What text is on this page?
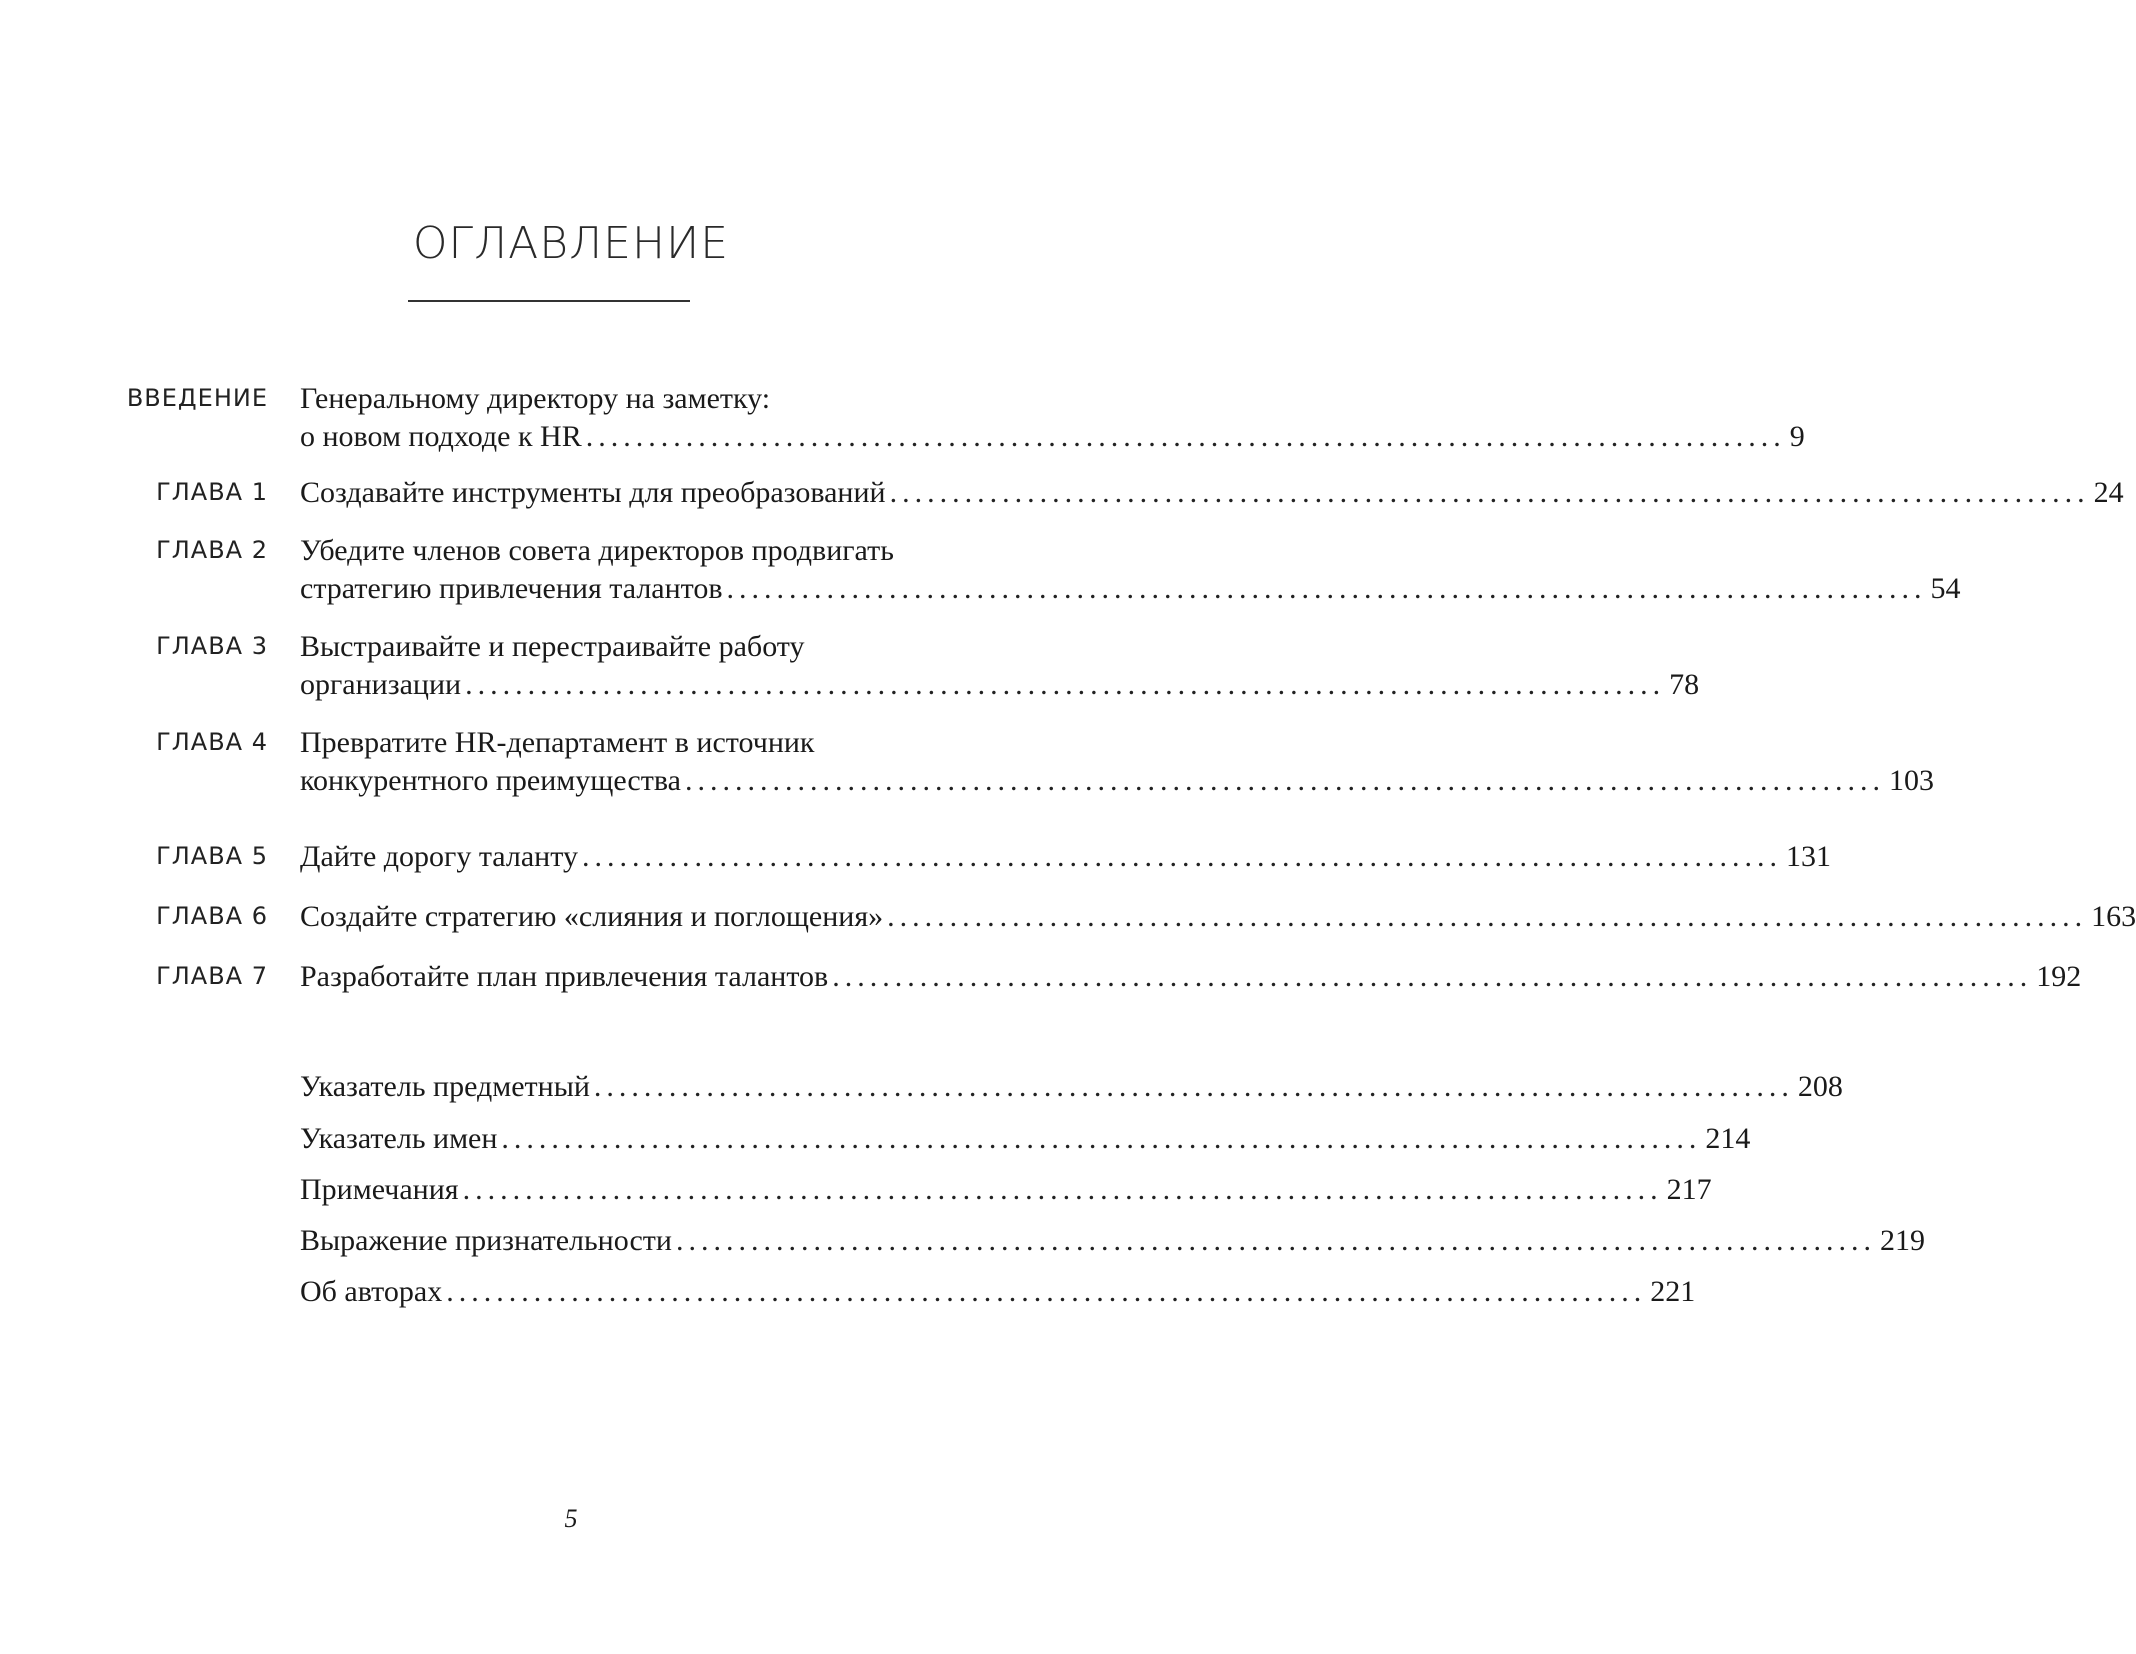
ОГЛАВЛЕНИЕ
ВВЕДЕНИЕ Генеральному директору на заметку:
о новом подходе к HR ................................................................................................ 9
ГЛАВА 1 Создавайте инструменты для преобразований ................................................................................................ 24
ГЛАВА 2 Убедите членов совета директоров продвигать
стратегию привлечения талантов ................................................................................................ 54
ГЛАВА 3 Выстраивайте и перестраивайте работу
организации ................................................................................................ 78
ГЛАВА 4 Превратите HR-департамент в источник
конкурентного преимущества ................................................................................................ 103
ГЛАВА 5 Дайте дорогу таланту ................................................................................................ 131
ГЛАВА 6 Создайте стратегию «слияния и поглощения» ................................................................................................ 163
ГЛАВА 7 Разработайте план привлечения талантов ................................................................................................ 192
Указатель предметный ................................................................................................ 208
Указатель имен ................................................................................................ 214
Примечания ................................................................................................ 217
Выражение признательности ................................................................................................ 219
Об авторах ................................................................................................ 221
5
